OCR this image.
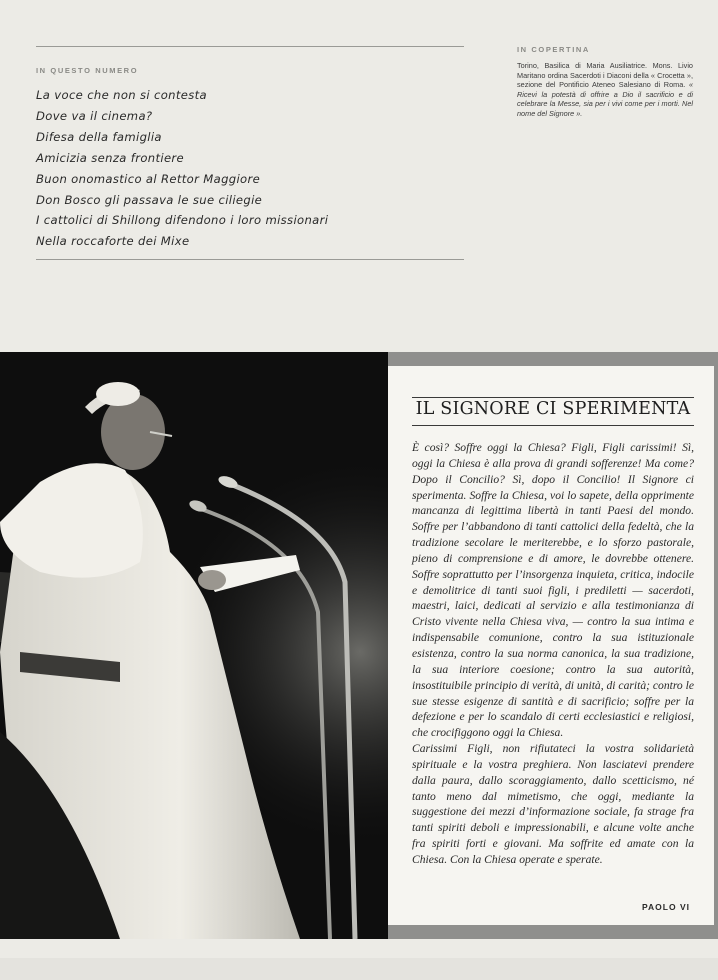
IN QUESTO NUMERO
La voce che non si contesta
Dove va il cinema?
Difesa della famiglia
Amicizia senza frontiere
Buon onomastico al Rettor Maggiore
Don Bosco gli passava le sue ciliegie
I cattolici di Shillong difendono i loro missionari
Nella roccaforte dei Mixe
IN COPERTINA
Torino, Basilica di Maria Ausiliatrice. Mons. Livio Maritano ordina Sacerdoti i Diaconi della « Crocetta », sezione del Pontificio Ateneo Salesiano di Roma. « Ricevi la potestà di offrire a Dio il sacrificio e di celebrare la Messe, sia per i vivi come per i morti. Nel nome del Signore ».
IL SIGNORE CI SPERIMENTA

È così? Soffre oggi la Chiesa? Figli, Figli carissimi! Sì, oggi la Chiesa è alla prova di grandi sofferenze! Ma come? Dopo il Concilio? Sì, dopo il Concilio! Il Signore ci sperimenta. Soffre la Chiesa, voi lo sapete, della opprimente mancanza di legittima libertà in tanti Paesi del mondo. Soffre per l’abbandono di tanti cattolici della fedeltà, che la tradizione secolare le meriterebbe, e lo sforzo pastorale, pieno di comprensione e di amore, le dovrebbe ottenere. Soffre soprattutto per l’insorgenza inquieta, critica, indocile e demolitrice di tanti suoi figli, i prediletti — sacerdoti, maestri, laici, dedicati al servizio e alla testimonianza di Cristo vivente nella Chiesa viva, — contro la sua intima e indispensabile comunione, contro la sua istituzionale esistenza, contro la sua norma canonica, la sua tradizione, la sua interiore coesione; contro la sua autorità, insostituibile principio di verità, di unità, di carità; contro le sue stesse esigenze di santità e di sacrificio; soffre per la defezione e per lo scandalo di certi ecclesiastici e religiosi, che crocifiggono oggi la Chiesa.

Carissimi Figli, non rifiutateci la vostra solidarietà spirituale e la vostra preghiera. Non lasciatevi prendere dalla paura, dallo scoraggiamento, dallo scetticismo, né tanto meno dal mimetismo, che oggi, mediante la suggestione dei mezzi d’informazione sociale, fa strage fra tanti spiriti deboli e impressionabili, e alcune volte anche fra spiriti forti e giovani. Ma soffrite ed amate con la Chiesa. Con la Chiesa operate e sperate.

PAOLO VI
